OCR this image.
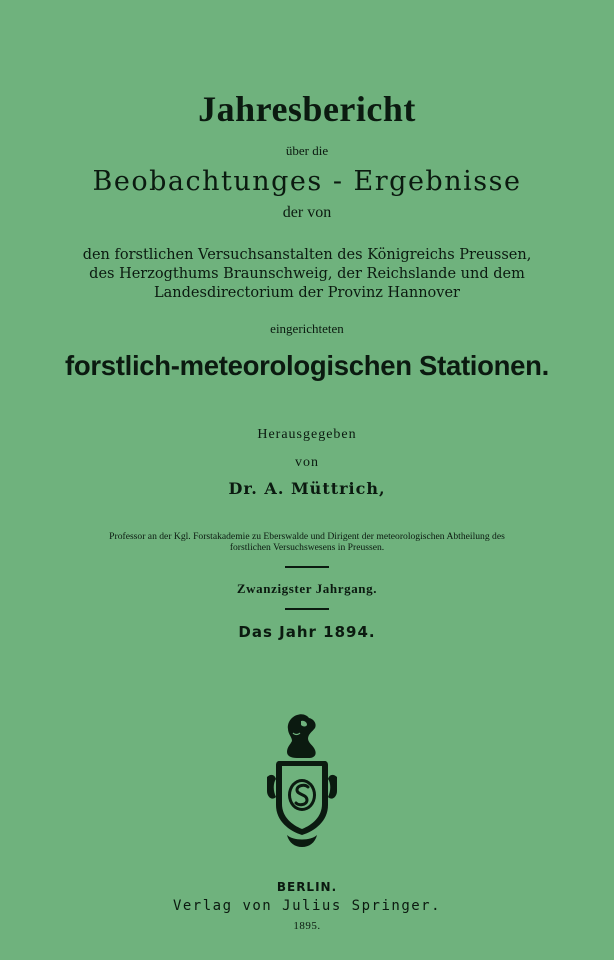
Jahresbericht
über die
Beobachtunges - Ergebnisse
der von
den forstlichen Versuchsanstalten des Königreichs Preussen,
des Herzogthums Braunschweig, der Reichslande und dem
Landesdirectorium der Provinz Hannover
eingerichteten
forstlich-meteorologischen Stationen.
Herausgegeben
von
Dr. A. Müttrich,
Professor an der Kgl. Forstakademie zu Eberswalde und Dirigent der meteorologischen Abtheilung des
forstlichen Versuchswesens in Preussen.
Zwanzigster Jahrgang.
Das Jahr 1894.
BERLIN.
Verlag von Julius Springer.
1895.
